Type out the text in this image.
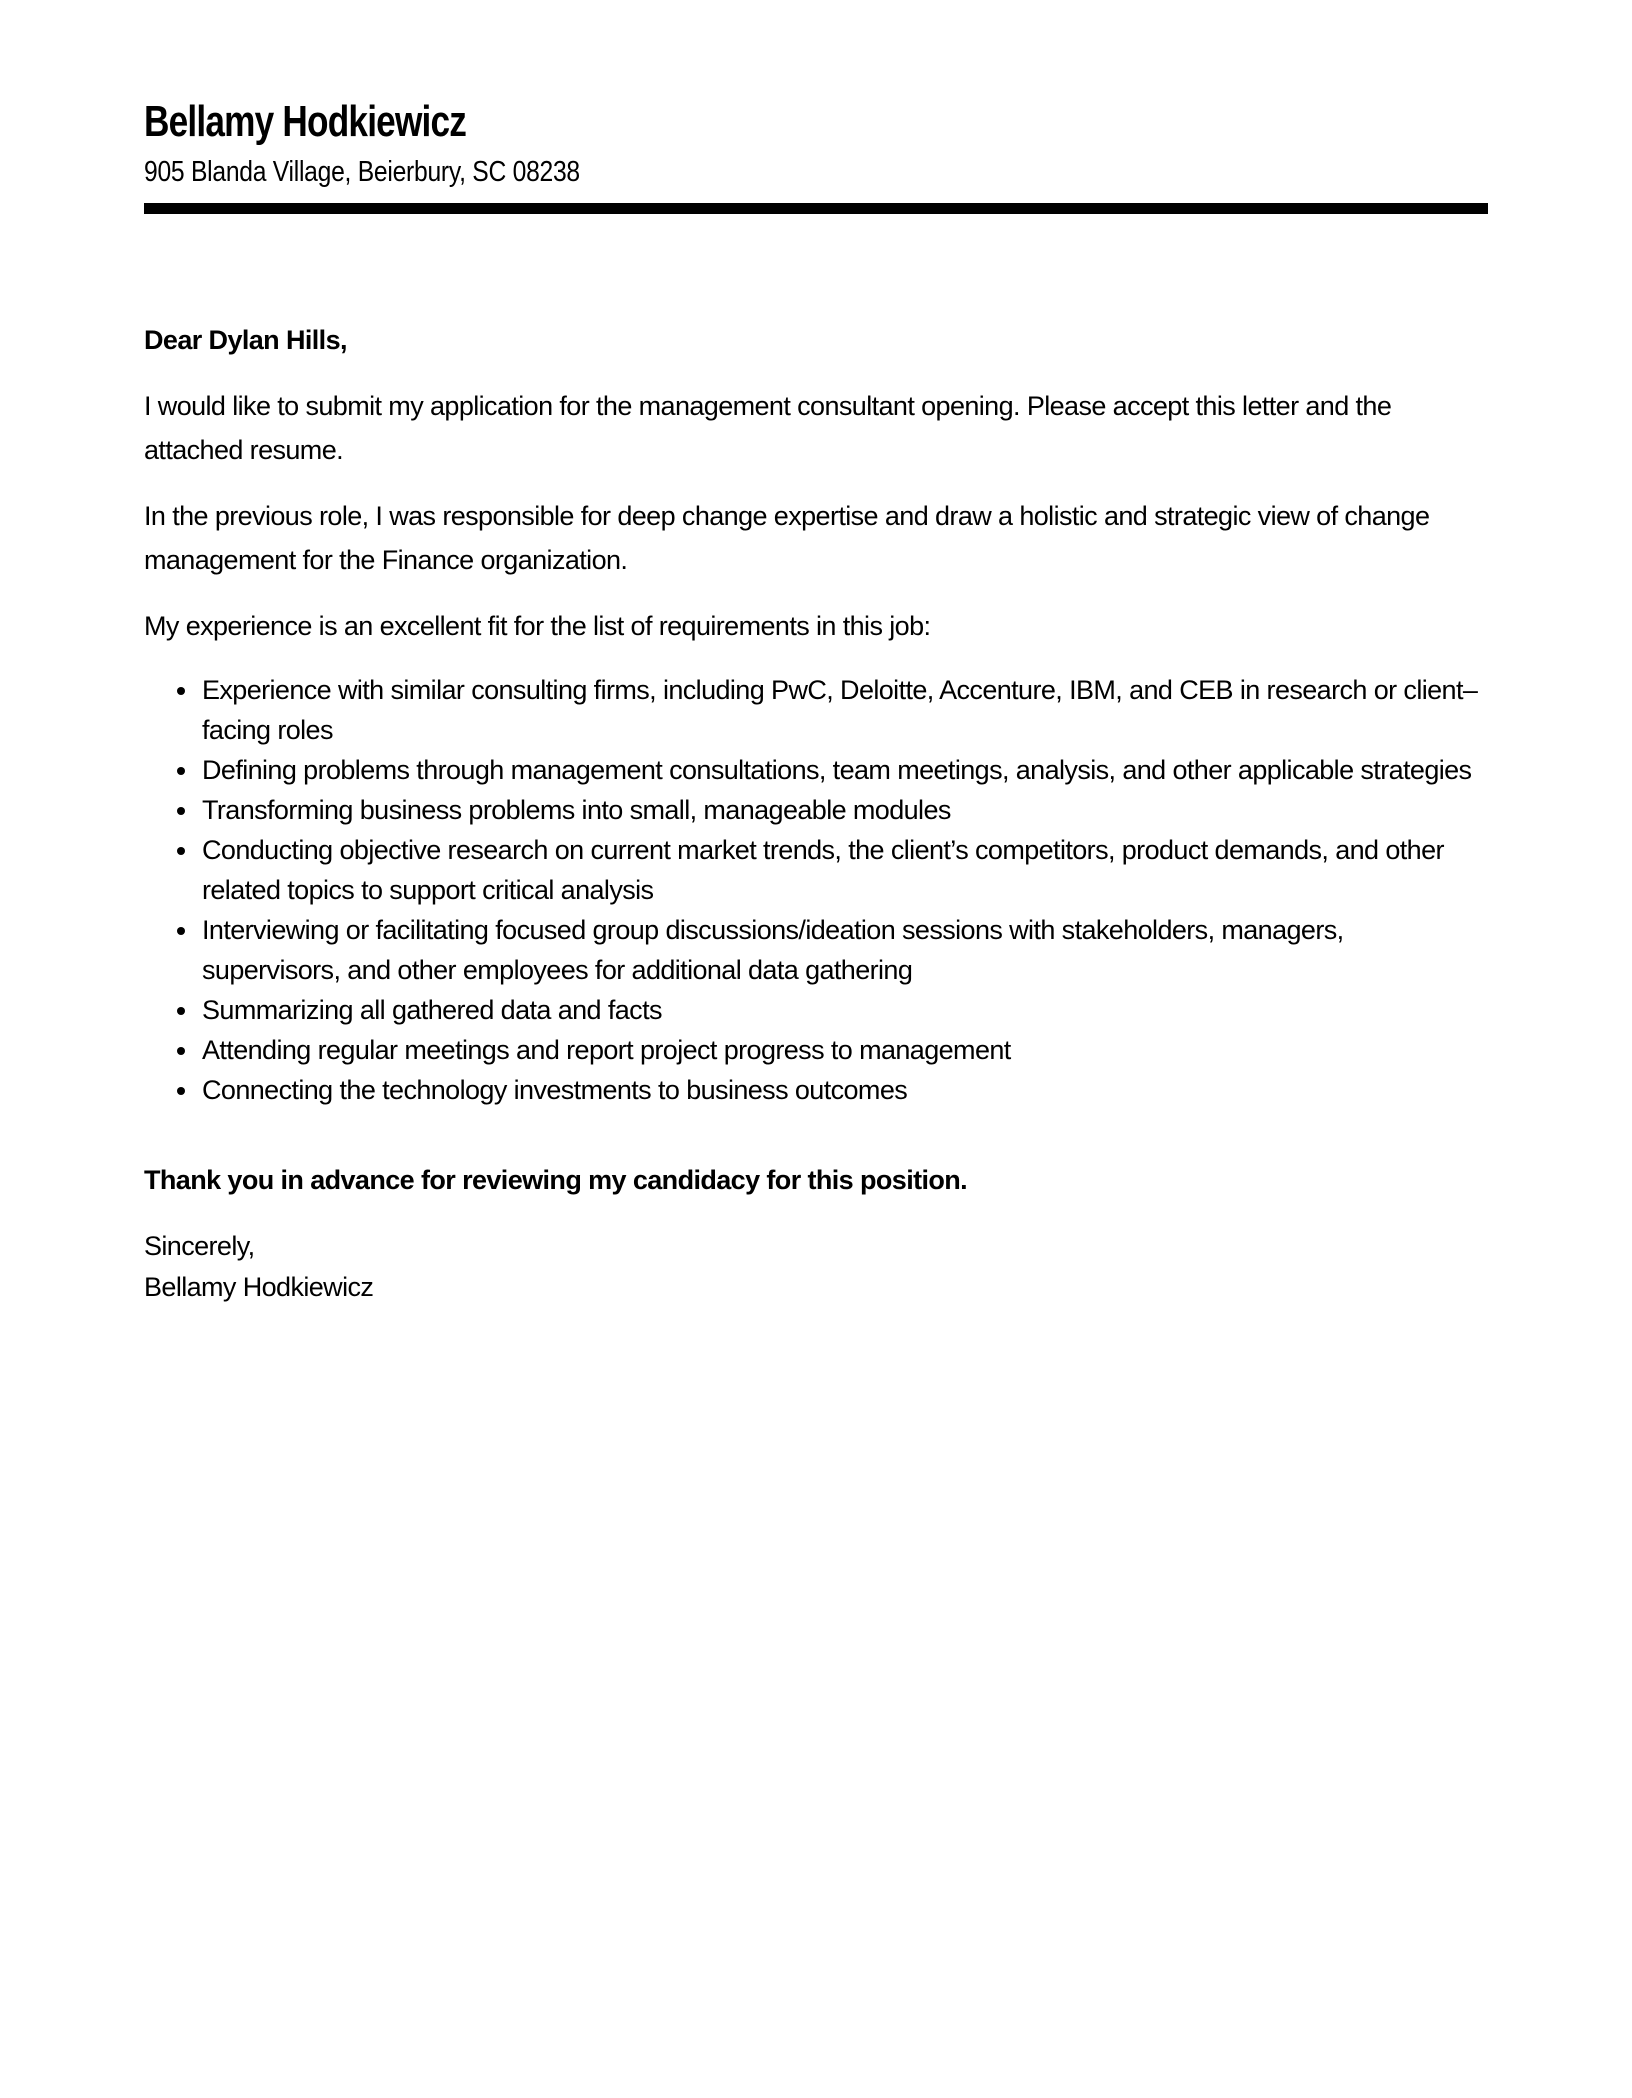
Bellamy Hodkiewicz
905 Blanda Village, Beierbury, SC 08238

Dear Dylan Hills,

I would like to submit my application for the management consultant opening. Please accept this letter and the attached resume.

In the previous role, I was responsible for deep change expertise and draw a holistic and strategic view of change management for the Finance organization.

My experience is an excellent fit for the list of requirements in this job:

• Experience with similar consulting firms, including PwC, Deloitte, Accenture, IBM, and CEB in research or client–facing roles
• Defining problems through management consultations, team meetings, analysis, and other applicable strategies
• Transforming business problems into small, manageable modules
• Conducting objective research on current market trends, the client’s competitors, product demands, and other related topics to support critical analysis
• Interviewing or facilitating focused group discussions/ideation sessions with stakeholders, managers, supervisors, and other employees for additional data gathering
• Summarizing all gathered data and facts
• Attending regular meetings and report project progress to management
• Connecting the technology investments to business outcomes

Thank you in advance for reviewing my candidacy for this position.

Sincerely,
Bellamy Hodkiewicz
